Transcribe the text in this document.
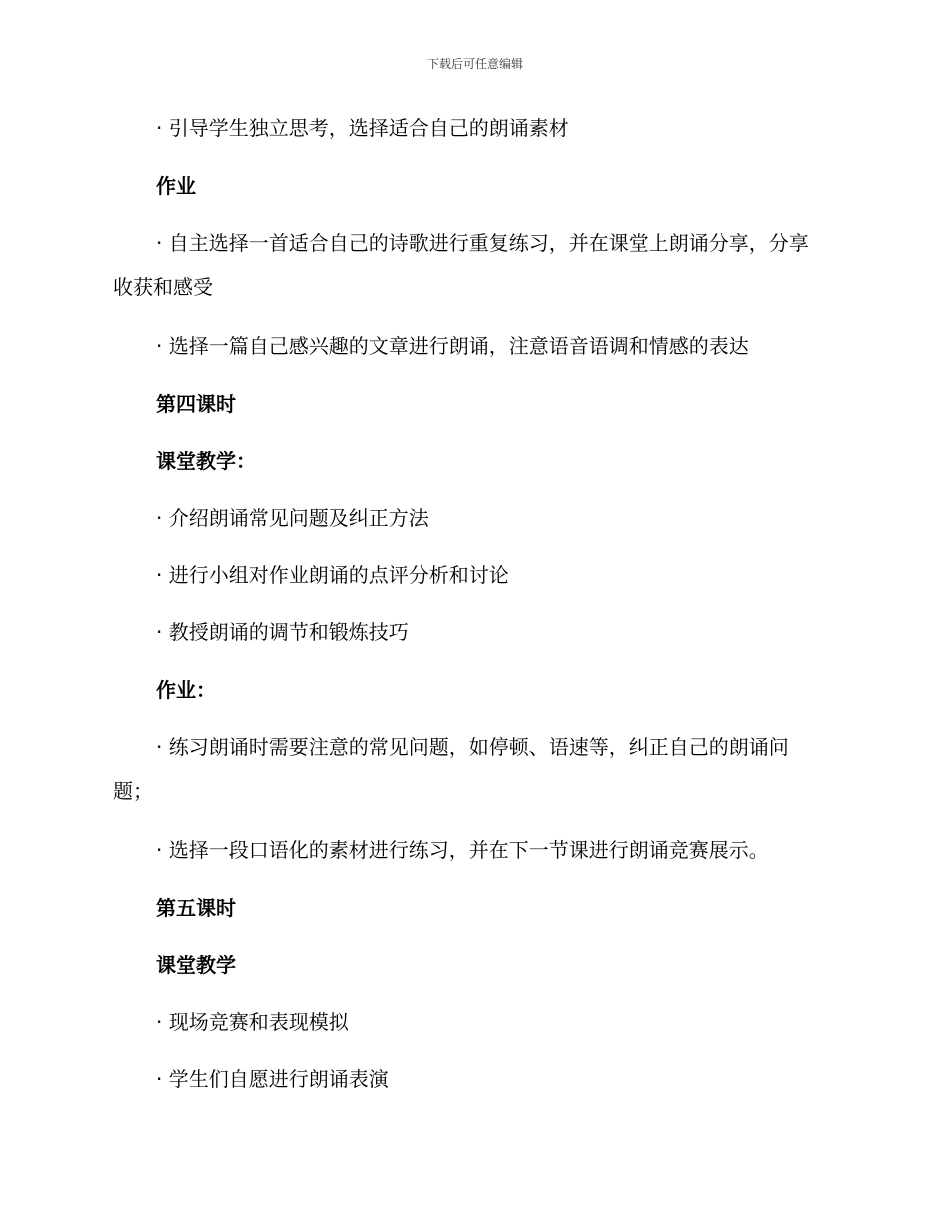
下载后可任意编辑

· 引导学生独立思考，选择适合自己的朗诵素材

作业

· 自主选择一首适合自己的诗歌进行重复练习，并在课堂上朗诵分享，分享收获和感受

· 选择一篇自己感兴趣的文章进行朗诵，注意语音语调和情感的表达

第四课时

课堂教学：

· 介绍朗诵常见问题及纠正方法

· 进行小组对作业朗诵的点评分析和讨论

· 教授朗诵的调节和锻炼技巧

作业：

· 练习朗诵时需要注意的常见问题，如停顿、语速等，纠正自己的朗诵问题；

· 选择一段口语化的素材进行练习，并在下一节课进行朗诵竞赛展示。

第五课时

课堂教学

· 现场竞赛和表现模拟

· 学生们自愿进行朗诵表演
